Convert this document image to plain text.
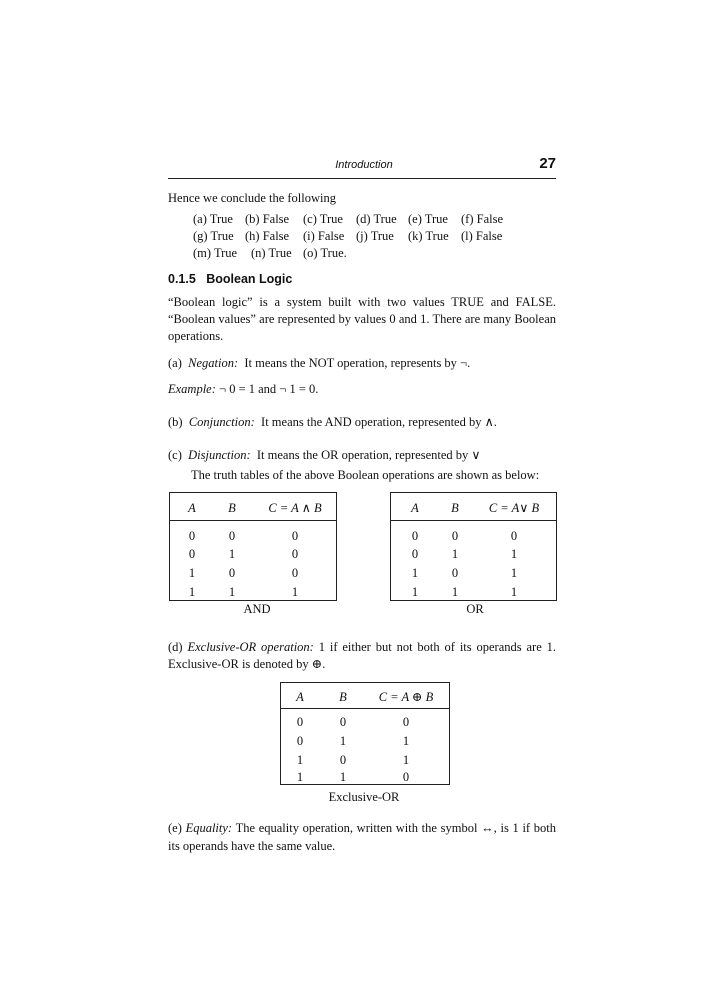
Introduction	27
Hence we conclude the following
(a) True (b) False (c) True (d) True (e) True (f) False
(g) True (h) False (i) False (j) True (k) True (l) False
(m) True (n) True (o) True.
0.1.5 Boolean Logic
“Boolean logic” is a system built with two values TRUE and FALSE.
“Boolean values” are represented by values 0 and 1. There are many Boolean
operations.
(a) Negation: It means the NOT operation, represents by ¬.
Example: ¬ 0 = 1 and ¬ 1 = 0.
(b) Conjunction: It means the AND operation, represented by ∧.
(c) Disjunction: It means the OR operation, represented by ∨
The truth tables of the above Boolean operations are shown as below:
A	B	C = A ∧ B
0	0	0
0	1	0
1	0	0
1	1	1
AND
A	B	C = A∨ B
0	0	0
0	1	1
1	0	1
1	1	1
OR
(d) Exclusive-OR operation: 1 if either but not both of its operands are 1.
Exclusive-OR is denoted by ⊕.
A	B	C = A ⊕ B
0	0	0
0	1	1
1	0	1
1	1	0
Exclusive-OR
(e) Equality: The equality operation, written with the symbol ↔, is 1 if both
its operands have the same value.
